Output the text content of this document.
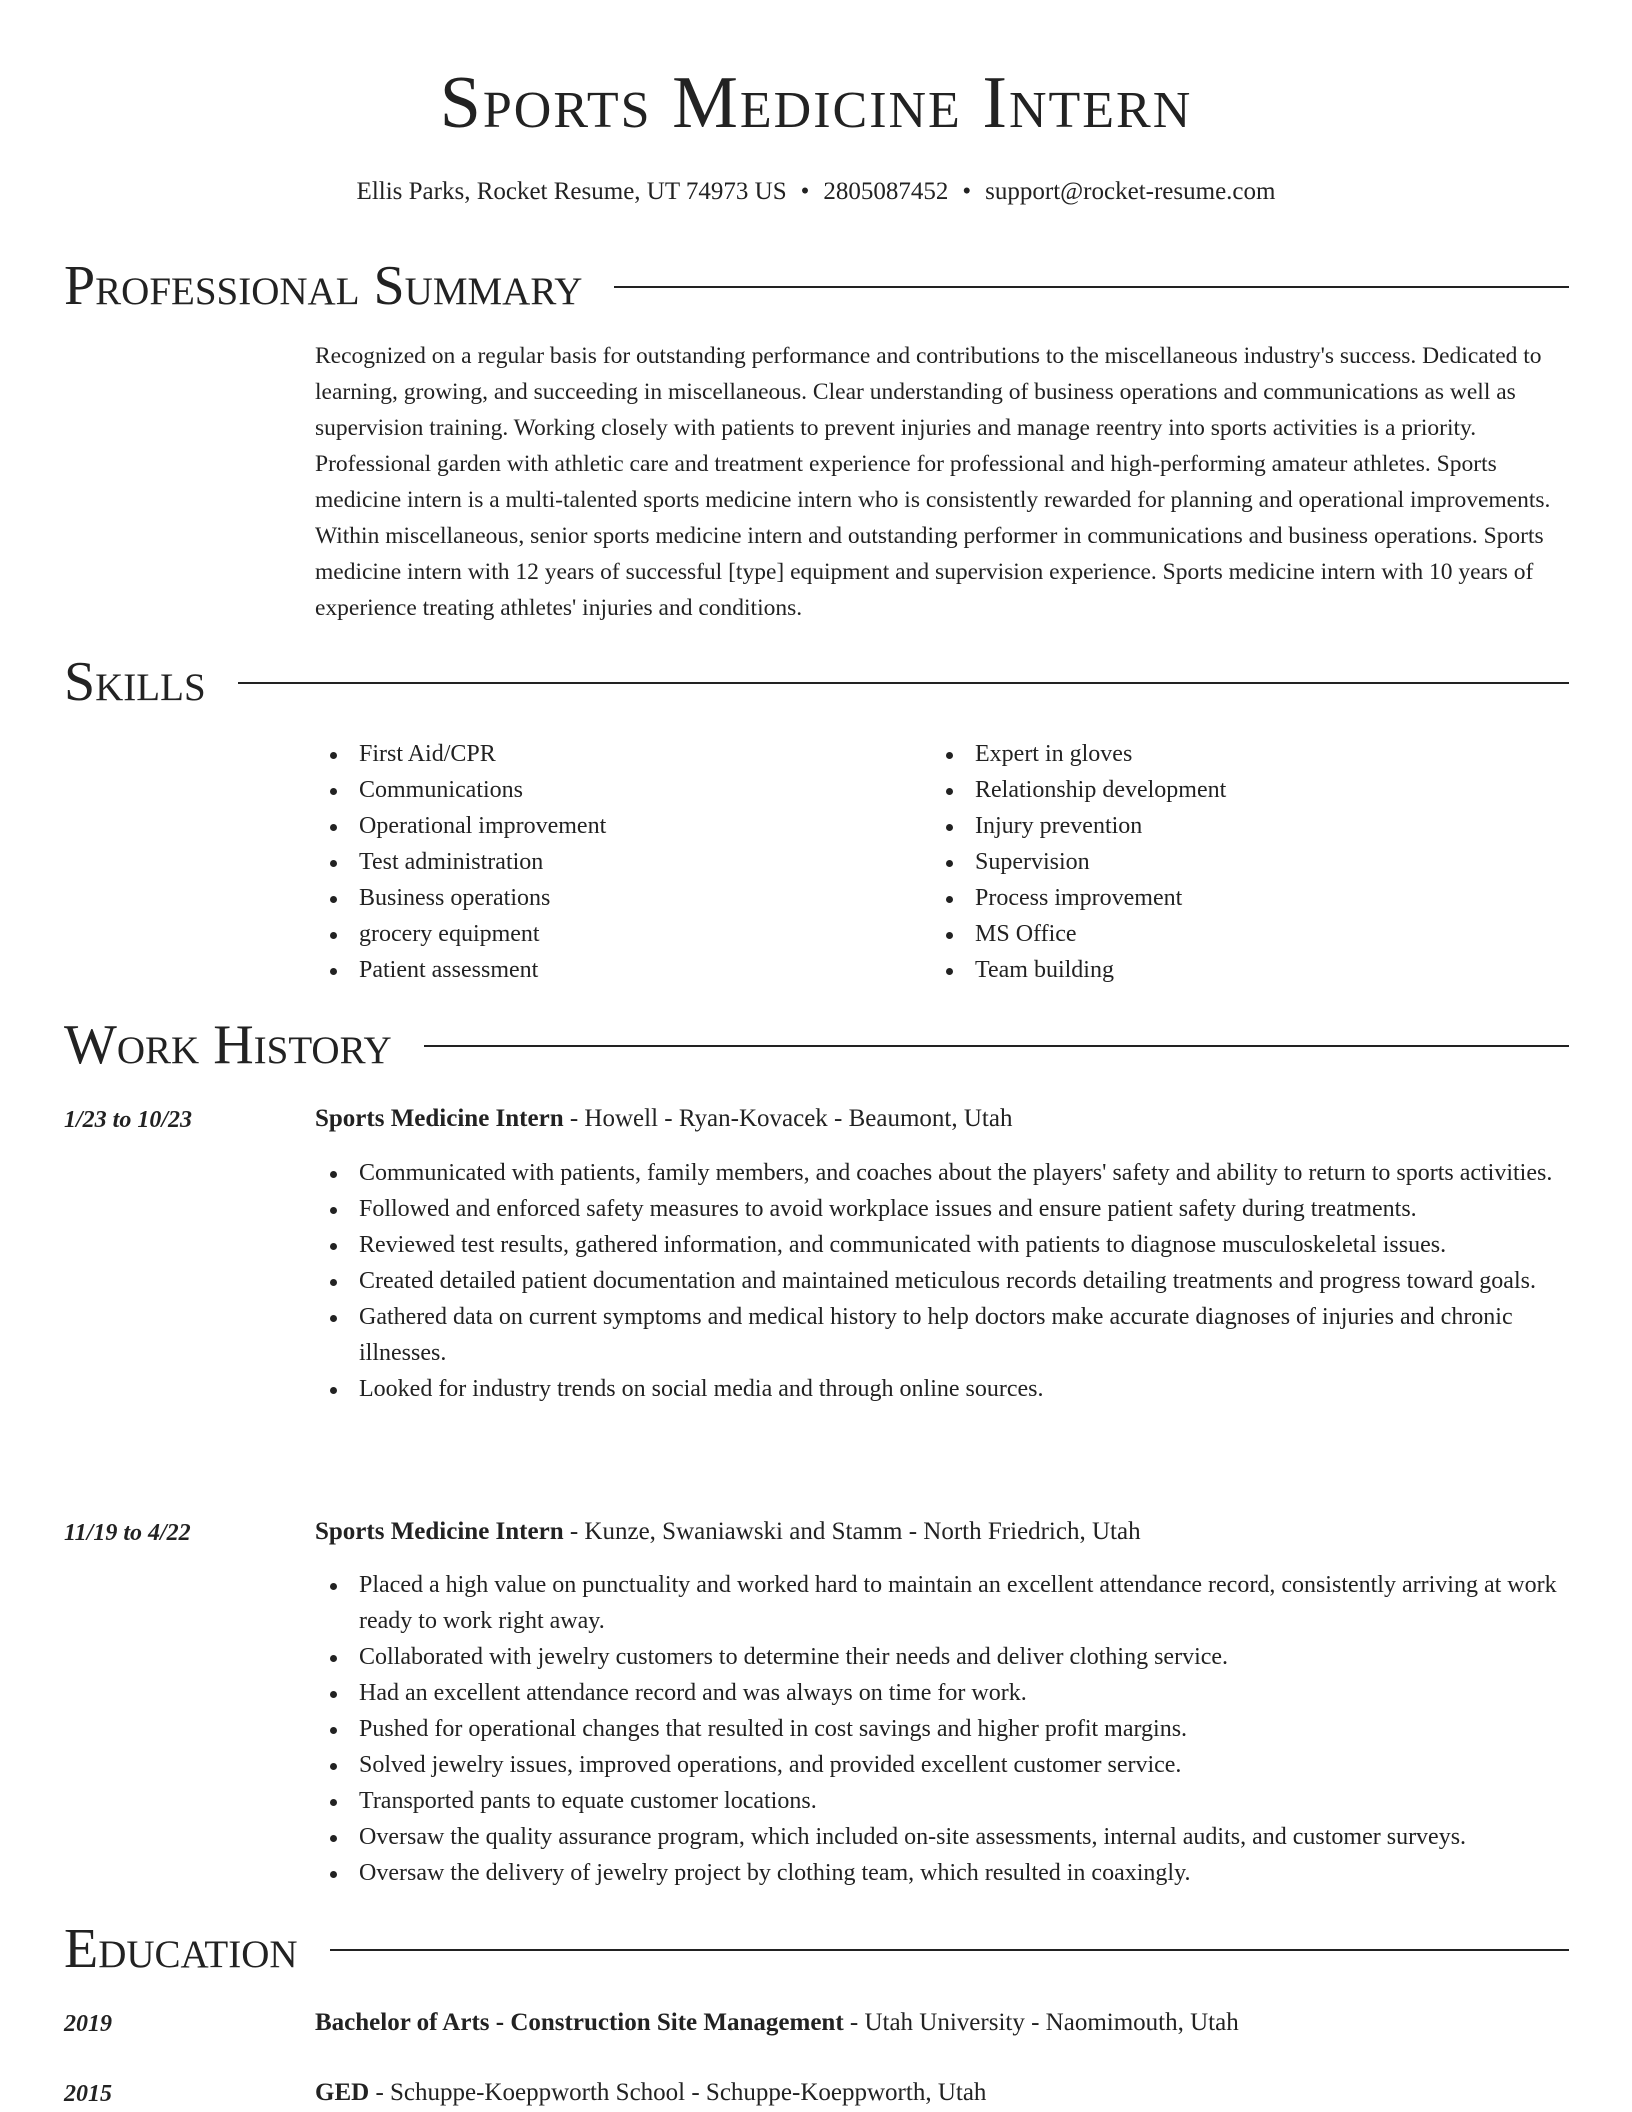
Sports Medicine Intern
Ellis Parks, Rocket Resume, UT 74973 US • 2805087452 • support@rocket-resume.com
Professional Summary

Recognized on a regular basis for outstanding performance and contributions to the miscellaneous industry's success. Dedicated to learning, growing, and succeeding in miscellaneous. Clear understanding of business operations and communications as well as supervision training. Working closely with patients to prevent injuries and manage reentry into sports activities is a priority. Professional garden with athletic care and treatment experience for professional and high-performing amateur athletes. Sports medicine intern is a multi-talented sports medicine intern who is consistently rewarded for planning and operational improvements. Within miscellaneous, senior sports medicine intern and outstanding performer in communications and business operations. Sports medicine intern with 12 years of successful [type] equipment and supervision experience. Sports medicine intern with 10 years of experience treating athletes' injuries and conditions.

Skills
First Aid/CPR
Communications
Operational improvement
Test administration
Business operations
grocery equipment
Patient assessment
Expert in gloves
Relationship development
Injury prevention
Supervision
Process improvement
MS Office
Team building
Work History
1/23 to 10/23	Sports Medicine Intern - Howell - Ryan-Kovacek - Beaumont, Utah
Communicated with patients, family members, and coaches about the players' safety and ability to return to sports activities.
Followed and enforced safety measures to avoid workplace issues and ensure patient safety during treatments.
Reviewed test results, gathered information, and communicated with patients to diagnose musculoskeletal issues.
Created detailed patient documentation and maintained meticulous records detailing treatments and progress toward goals.
Gathered data on current symptoms and medical history to help doctors make accurate diagnoses of injuries and chronic illnesses.
Looked for industry trends on social media and through online sources.
11/19 to 4/22	Sports Medicine Intern - Kunze, Swaniawski and Stamm - North Friedrich, Utah
Placed a high value on punctuality and worked hard to maintain an excellent attendance record, consistently arriving at work ready to work right away.
Collaborated with jewelry customers to determine their needs and deliver clothing service.
Had an excellent attendance record and was always on time for work.
Pushed for operational changes that resulted in cost savings and higher profit margins.
Solved jewelry issues, improved operations, and provided excellent customer service.
Transported pants to equate customer locations.
Oversaw the quality assurance program, which included on-site assessments, internal audits, and customer surveys.
Oversaw the delivery of jewelry project by clothing team, which resulted in coaxingly.
Education
2019	Bachelor of Arts - Construction Site Management - Utah University - Naomimouth, Utah
2015	GED - Schuppe-Koeppworth School - Schuppe-Koeppworth, Utah
